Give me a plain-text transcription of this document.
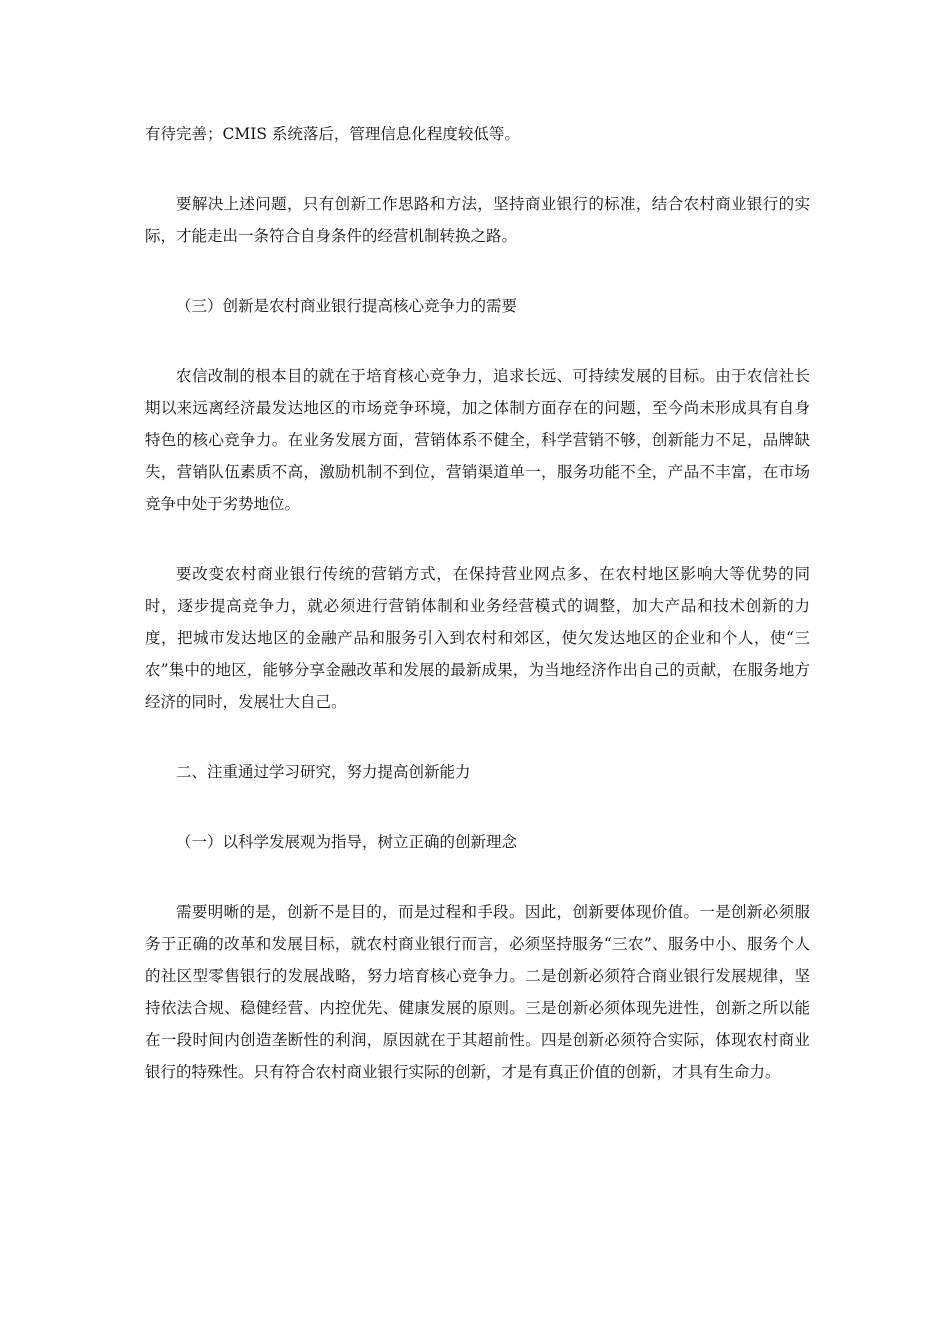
有待完善；CMIS 系统落后，管理信息化程度较低等。

要解决上述问题，只有创新工作思路和方法，坚持商业银行的标准，结合农村商业银行的实际，才能走出一条符合自身条件的经营机制转换之路。

（三）创新是农村商业银行提高核心竞争力的需要

农信改制的根本目的就在于培育核心竞争力，追求长远、可持续发展的目标。由于农信社长期以来远离经济最发达地区的市场竞争环境，加之体制方面存在的问题，至今尚未形成具有自身特色的核心竞争力。在业务发展方面，营销体系不健全，科学营销不够，创新能力不足，品牌缺失，营销队伍素质不高，激励机制不到位，营销渠道单一，服务功能不全，产品不丰富，在市场竞争中处于劣势地位。

要改变农村商业银行传统的营销方式，在保持营业网点多、在农村地区影响大等优势的同时，逐步提高竞争力，就必须进行营销体制和业务经营模式的调整，加大产品和技术创新的力度，把城市发达地区的金融产品和服务引入到农村和郊区，使欠发达地区的企业和个人，使“三农”集中的地区，能够分享金融改革和发展的最新成果，为当地经济作出自己的贡献，在服务地方经济的同时，发展壮大自己。

二、注重通过学习研究，努力提高创新能力

（一）以科学发展观为指导，树立正确的创新理念

需要明晰的是，创新不是目的，而是过程和手段。因此，创新要体现价值。一是创新必须服务于正确的改革和发展目标，就农村商业银行而言，必须坚持服务“三农”、服务中小、服务个人的社区型零售银行的发展战略，努力培育核心竞争力。二是创新必须符合商业银行发展规律，坚持依法合规、稳健经营、内控优先、健康发展的原则。三是创新必须体现先进性，创新之所以能在一段时间内创造垄断性的利润，原因就在于其超前性。四是创新必须符合实际，体现农村商业银行的特殊性。只有符合农村商业银行实际的创新，才是有真正价值的创新，才具有生命力。
